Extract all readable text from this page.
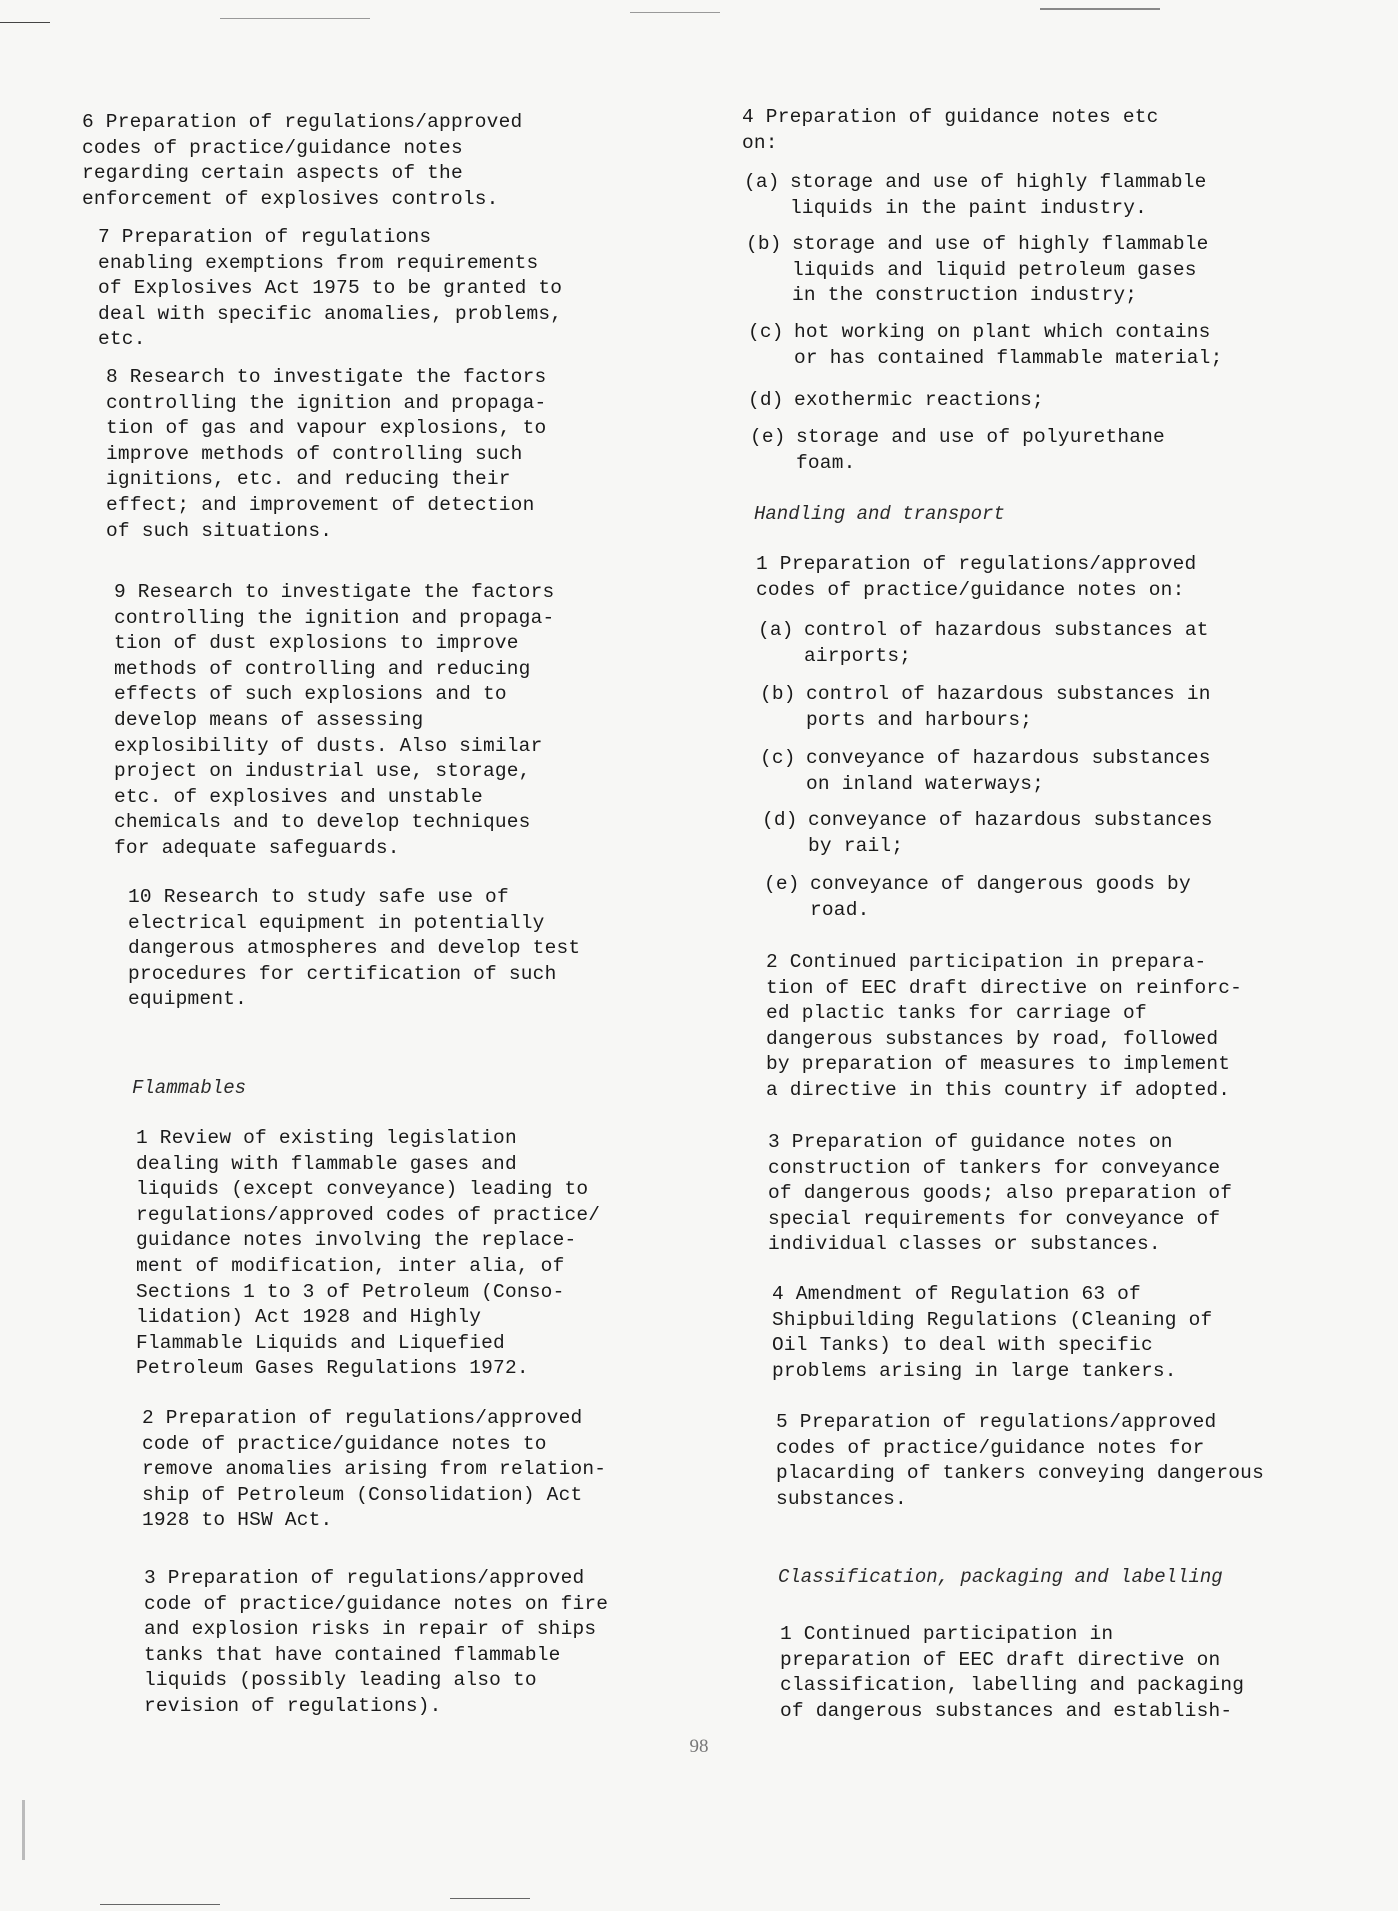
6 Preparation of regulations/approved
codes of practice/guidance notes
regarding certain aspects of the
enforcement of explosives controls.
7 Preparation of regulations
enabling exemptions from requirements
of Explosives Act 1975 to be granted to
deal with specific anomalies, problems,
etc.
8 Research to investigate the factors
controlling the ignition and propaga-
tion of gas and vapour explosions, to
improve methods of controlling such
ignitions, etc. and reducing their
effect; and improvement of detection
of such situations.
9 Research to investigate the factors
controlling the ignition and propaga-
tion of dust explosions to improve
methods of controlling and reducing
effects of such explosions and to
develop means of assessing
explosibility of dusts. Also similar
project on industrial use, storage,
etc. of explosives and unstable
chemicals and to develop techniques
for adequate safeguards.
10 Research to study safe use of
electrical equipment in potentially
dangerous atmospheres and develop test
procedures for certification of such
equipment.
Flammables
1 Review of existing legislation
dealing with flammable gases and
liquids (except conveyance) leading to
regulations/approved codes of practice/
guidance notes involving the replace-
ment of modification, inter alia, of
Sections 1 to 3 of Petroleum (Conso-
lidation) Act 1928 and Highly
Flammable Liquids and Liquefied
Petroleum Gases Regulations 1972.
2 Preparation of regulations/approved
code of practice/guidance notes to
remove anomalies arising from relation-
ship of Petroleum (Consolidation) Act
1928 to HSW Act.
3 Preparation of regulations/approved
code of practice/guidance notes on fire
and explosion risks in repair of ships
tanks that have contained flammable
liquids (possibly leading also to
revision of regulations).
4 Preparation of guidance notes etc
on:
(a) storage and use of highly flammable
liquids in the paint industry.
(b) storage and use of highly flammable
liquids and liquid petroleum gases
in the construction industry;
(c) hot working on plant which contains
or has contained flammable material;
(d) exothermic reactions;
(e) storage and use of polyurethane
foam.
Handling and transport
1 Preparation of regulations/approved
codes of practice/guidance notes on:
(a) control of hazardous substances at
airports;
(b) control of hazardous substances in
ports and harbours;
(c) conveyance of hazardous substances
on inland waterways;
(d) conveyance of hazardous substances
by rail;
(e) conveyance of dangerous goods by
road.
2 Continued participation in prepara-
tion of EEC draft directive on reinforc-
ed plactic tanks for carriage of
dangerous substances by road, followed
by preparation of measures to implement
a directive in this country if adopted.
3 Preparation of guidance notes on
construction of tankers for conveyance
of dangerous goods; also preparation of
special requirements for conveyance of
individual classes or substances.
4 Amendment of Regulation 63 of
Shipbuilding Regulations (Cleaning of
Oil Tanks) to deal with specific
problems arising in large tankers.
5 Preparation of regulations/approved
codes of practice/guidance notes for
placarding of tankers conveying dangerous
substances.
Classification, packaging and labelling
1 Continued participation in
preparation of EEC draft directive on
classification, labelling and packaging
of dangerous substances and establish-
98
